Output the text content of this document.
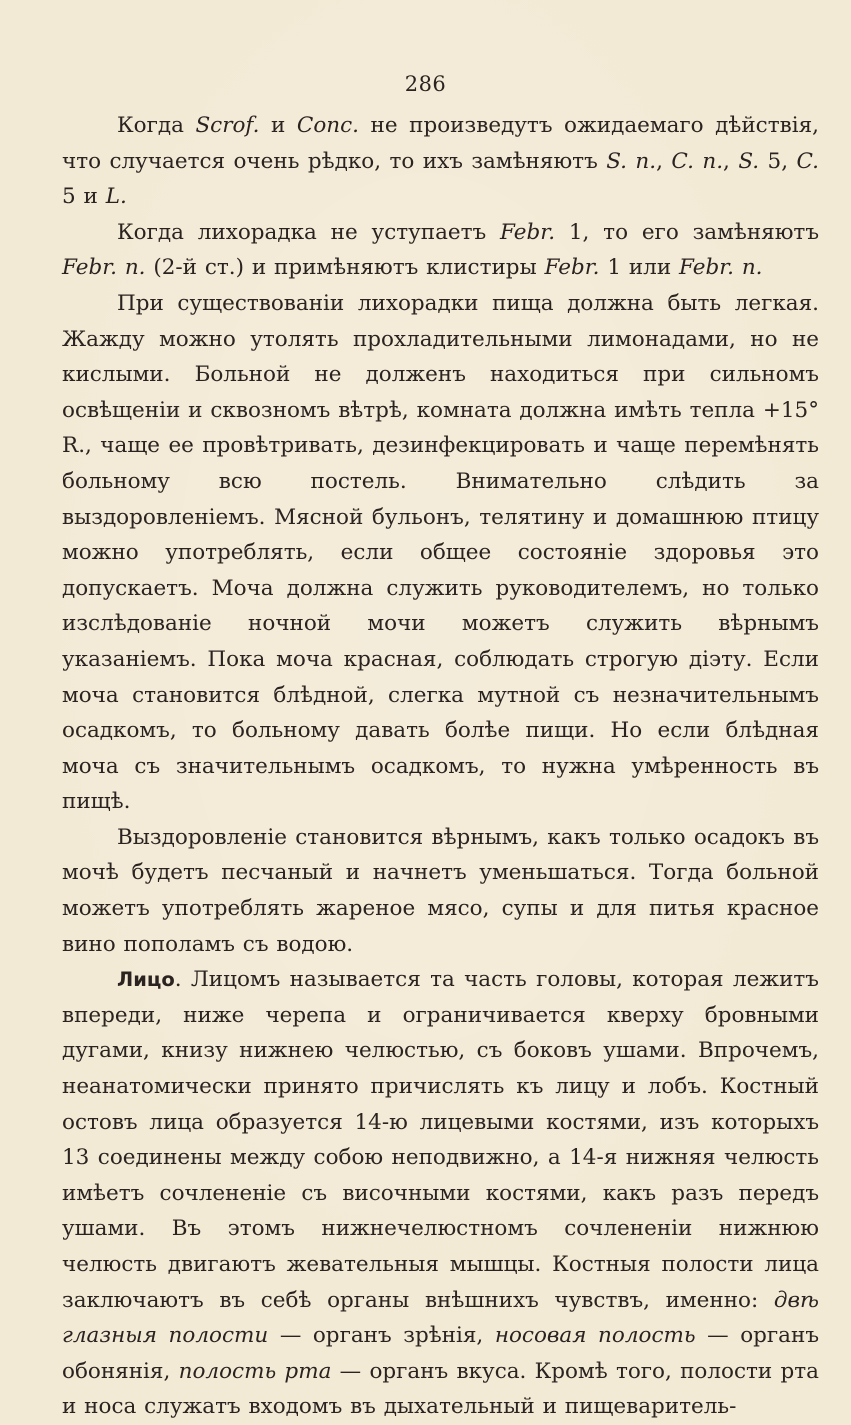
286

Когда Scrof. и Conc. не произведутъ ожидаемаго дѣйствія, что случается очень рѣдко, то ихъ замѣняютъ S. n., C. n., S. 5, C. 5 и L.

Когда лихорадка не уступаетъ Febr. 1, то его замѣняютъ Febr. n. (2-й ст.) и примѣняютъ клистиры Febr. 1 или Febr. n.

При существованіи лихорадки пища должна быть легкая. Жажду можно утолять прохладительными лимонадами, но не кислыми. Больной не долженъ находиться при сильномъ освѣщеніи и сквозномъ вѣтрѣ, комната должна имѣть тепла +15° R., чаще ее провѣтривать, дезинфекцировать и чаще перемѣнять больному всю постель. Внимательно слѣдить за выздоровленіемъ. Мясной бульонъ, телятину и домашнюю птицу можно употреблять, если общее состояніе здоровья это допускаетъ. Моча должна служить руководителемъ, но только изслѣдованіе ночной мочи можетъ служить вѣрнымъ указаніемъ. Пока моча красная, соблюдать строгую діэту. Если моча становится блѣдной, слегка мутной съ незначительнымъ осадкомъ, то больному давать болѣе пищи. Но если блѣдная моча съ значительнымъ осадкомъ, то нужна умѣренность въ пищѣ.

Выздоровленіе становится вѣрнымъ, какъ только осадокъ въ мочѣ будетъ песчаный и начнетъ уменьшаться. Тогда больной можетъ употреблять жареное мясо, супы и для питья красное вино пополамъ съ водою.

Лицо. Лицомъ называется та часть головы, которая лежитъ впереди, ниже черепа и ограничивается кверху бровными дугами, книзу нижнею челюстью, съ боковъ ушами. Впрочемъ, неанатомически принято причислять къ лицу и лобъ. Костный остовъ лица образуется 14-ю лицевыми костями, изъ которыхъ 13 соединены между собою неподвижно, а 14-я нижняя челюсть имѣетъ сочлененіе съ височными костями, какъ разъ передъ ушами. Въ этомъ нижнечелюстномъ сочлененіи нижнюю челюсть двигаютъ жевательныя мышцы. Костныя полости лица заключаютъ въ себѣ органы внѣшнихъ чувствъ, именно: двѣ глазныя полости — органъ зрѣнія, носовая полость — органъ обонянія, полость рта — органъ вкуса. Кромѣ того, полости рта и носа служатъ входомъ въ дыхательный и пищеваритель-
